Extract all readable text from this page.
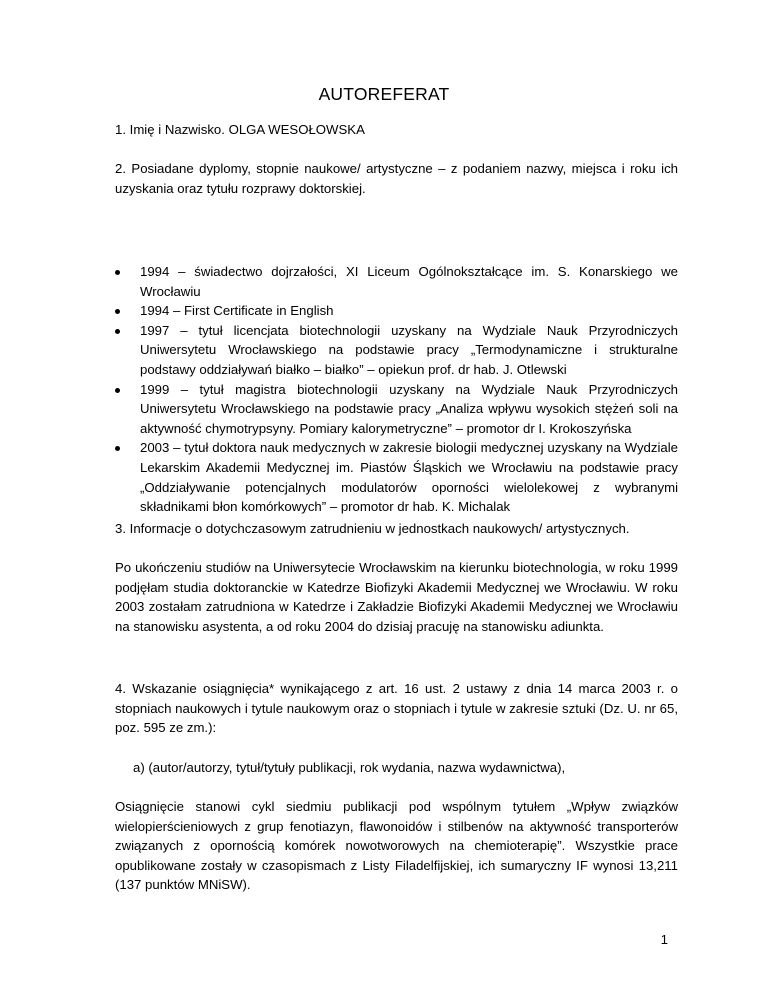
AUTOREFERAT
1. Imię i Nazwisko. OLGA WESOŁOWSKA
2. Posiadane dyplomy, stopnie naukowe/ artystyczne – z podaniem nazwy, miejsca i roku ich uzyskania oraz tytułu rozprawy doktorskiej.
1994 – świadectwo dojrzałości, XI Liceum Ogólnokształcące im. S. Konarskiego we Wrocławiu
1994 – First Certificate in English
1997 – tytuł licencjata biotechnologii uzyskany na Wydziale Nauk Przyrodniczych Uniwersytetu Wrocławskiego na podstawie pracy „Termodynamiczne i strukturalne podstawy oddziaływań białko – białko” – opiekun prof. dr hab. J. Otlewski
1999 – tytuł magistra biotechnologii uzyskany na Wydziale Nauk Przyrodniczych Uniwersytetu Wrocławskiego na podstawie pracy „Analiza wpływu wysokich stężeń soli na aktywność chymotrypsyny. Pomiary kalorymetryczne” – promotor dr I. Krokoszyńska
2003 – tytuł doktora nauk medycznych w zakresie biologii medycznej uzyskany na Wydziale Lekarskim Akademii Medycznej im. Piastów Śląskich we Wrocławiu na podstawie pracy „Oddziaływanie potencjalnych modulatorów oporności wielolekowej z wybranymi składnikami błon komórkowych” – promotor dr hab. K. Michalak
3. Informacje o dotychczasowym zatrudnieniu w jednostkach naukowych/ artystycznych.
Po ukończeniu studiów na Uniwersytecie Wrocławskim na kierunku biotechnologia, w roku 1999 podjęłam studia doktoranckie w Katedrze Biofizyki Akademii Medycznej we Wrocławiu. W roku 2003 zostałam zatrudniona w Katedrze i Zakładzie Biofizyki Akademii Medycznej we Wrocławiu na stanowisku asystenta, a od roku 2004 do dzisiaj pracuję na stanowisku adiunkta.
4. Wskazanie osiągnięcia* wynikającego z art. 16 ust. 2 ustawy z dnia 14 marca 2003 r. o stopniach naukowych i tytule naukowym oraz o stopniach i tytule w zakresie sztuki (Dz. U. nr 65, poz. 595 ze zm.):
a) (autor/autorzy, tytuł/tytuły publikacji, rok wydania, nazwa wydawnictwa),
Osiągnięcie stanowi cykl siedmiu publikacji pod wspólnym tytułem „Wpływ związków wielopierścieniowych z grup fenotiazyn, flawonoidów i stilbenów na aktywność transporterów związanych z opornością komórek nowotworowych na chemioterapię”. Wszystkie prace opublikowane zostały w czasopismach z Listy Filadelfijskiej, ich sumaryczny IF wynosi 13,211 (137 punktów MNiSW).
1
